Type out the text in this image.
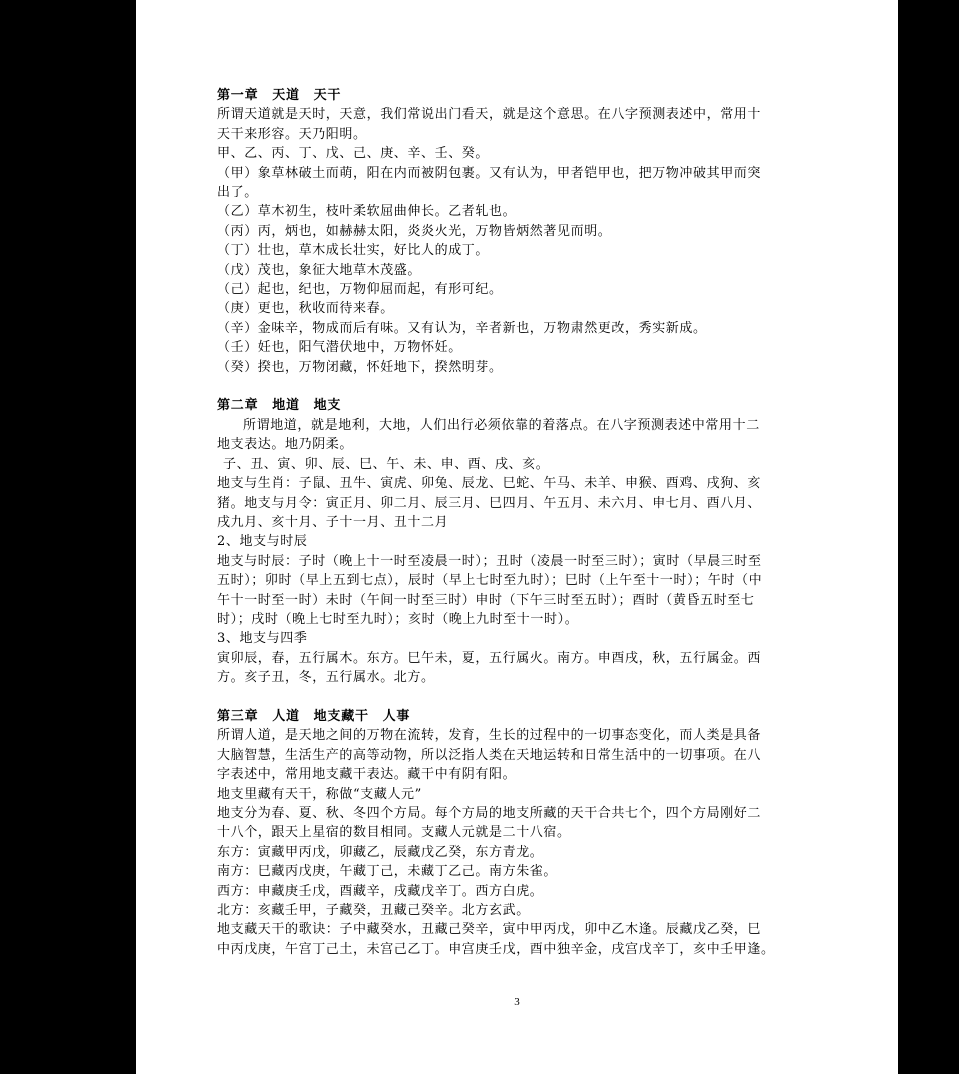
第一章　天道　天干
所谓天道就是天时，天意，我们常说出门看天，就是这个意思。在八字预测表述中，常用十
天干来形容。天乃阳明。
甲、乙、丙、丁、戊、己、庚、辛、壬、癸。
（甲）象草林破土而萌，阳在内而被阴包裹。又有认为，甲者铠甲也，把万物冲破其甲而突
出了。
（乙）草木初生，枝叶柔软屈曲伸长。乙者轧也。
（丙）丙，炳也，如赫赫太阳，炎炎火光，万物皆炳然著见而明。
（丁）壮也，草木成长壮实，好比人的成丁。
（戊）茂也，象征大地草木茂盛。
（己）起也，纪也，万物仰屈而起，有形可纪。
（庚）更也，秋收而待来春。
（辛）金味辛，物成而后有味。又有认为，辛者新也，万物肃然更改，秀实新成。
（壬）妊也，阳气潜伏地中，万物怀妊。
（癸）揆也，万物闭藏，怀妊地下，揆然明芽。
第二章　地道　地支
所谓地道，就是地利，大地，人们出行必须依靠的着落点。在八字预测表述中常用十二
地支表达。地乃阴柔。
子、丑、寅、卯、辰、巳、午、未、申、酉、戌、亥。
地支与生肖：子鼠、丑牛、寅虎、卯兔、辰龙、巳蛇、午马、未羊、申猴、酉鸡、戌狗、亥
猪。地支与月令：寅正月、卯二月、辰三月、巳四月、午五月、未六月、申七月、酉八月、
戌九月、亥十月、子十一月、丑十二月
2、地支与时辰
地支与时辰：子时（晚上十一时至凌晨一时）；丑时（凌晨一时至三时）；寅时（早晨三时至
五时）；卯时（早上五到七点），辰时（早上七时至九时）；巳时（上午至十一时）；午时（中
午十一时至一时）未时（午间一时至三时）申时（下午三时至五时）；酉时（黄昏五时至七
时）；戌时（晚上七时至九时）；亥时（晚上九时至十一时）。
3、地支与四季
寅卯辰，春，五行属木。东方。巳午未，夏，五行属火。南方。申酉戌，秋，五行属金。西
方。亥子丑，冬，五行属水。北方。
第三章　人道　地支藏干　人事
所谓人道，是天地之间的万物在流转，发育，生长的过程中的一切事态变化，而人类是具备
大脑智慧，生活生产的高等动物，所以泛指人类在天地运转和日常生活中的一切事项。在八
字表述中，常用地支藏干表达。藏干中有阴有阳。
地支里藏有天干，称做“支藏人元”
地支分为春、夏、秋、冬四个方局。每个方局的地支所藏的天干合共七个，四个方局刚好二
十八个，跟天上星宿的数目相同。支藏人元就是二十八宿。
东方：寅藏甲丙戊，卯藏乙，辰藏戊乙癸，东方青龙。
南方：巳藏丙戊庚，午藏丁己，未藏丁乙己。南方朱雀。
西方：申藏庚壬戊，酉藏辛，戌藏戊辛丁。西方白虎。
北方：亥藏壬甲，子藏癸，丑藏己癸辛。北方玄武。
地支藏天干的歌诀：子中藏癸水，丑藏己癸辛，寅中甲丙戊，卯中乙木逢。辰藏戊乙癸，巳
中丙戊庚，午宫丁己土，未宫己乙丁。申宫庚壬戊，酉中独辛金，戌宫戊辛丁，亥中壬甲逢。
3
